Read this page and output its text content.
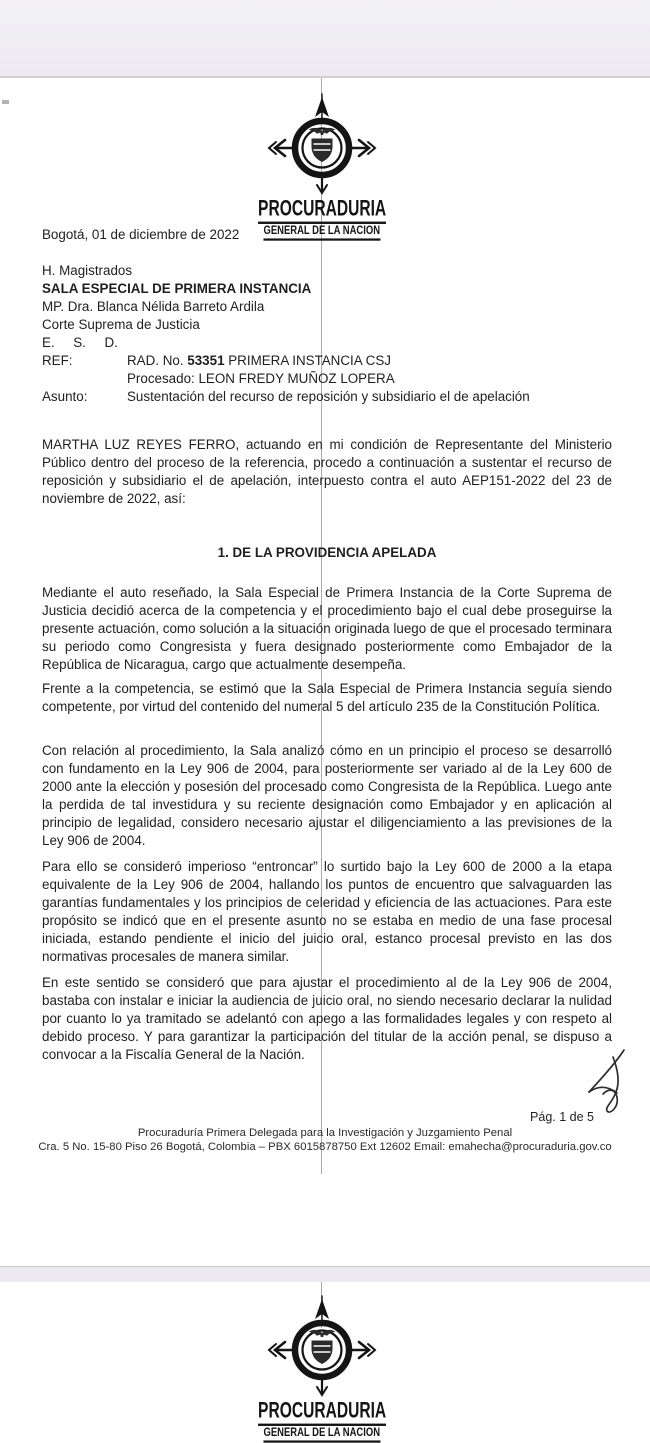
PROCURADURIA
GENERAL DE LA NACION
Bogotá, 01 de diciembre de 2022
H. Magistrados
SALA ESPECIAL DE PRIMERA INSTANCIA
MP. Dra. Blanca Nélida Barreto Ardila
Corte Suprema de Justicia
E.     S.     D.
REF:	RAD. No. 53351 PRIMERA INSTANCIA CSJ
Procesado: LEON FREDY MUÑOZ LOPERA
Asunto:	Sustentación del recurso de reposición y subsidiario el de apelación
MARTHA LUZ REYES FERRO, actuando en mi condición de Representante del Ministerio Público dentro del proceso de la referencia, procedo a continuación a sustentar el recurso de reposición y subsidiario el de apelación, interpuesto contra el auto AEP151-2022 del 23 de noviembre de 2022, así:
1. DE LA PROVIDENCIA APELADA
Mediante el auto reseñado, la Sala Especial de Primera Instancia de la Corte Suprema de Justicia decidió acerca de la competencia y el procedimiento bajo el cual debe proseguirse la presente actuación, como solución a la situación originada luego de que el procesado terminara su periodo como Congresista y fuera designado posteriormente como Embajador de la República de Nicaragua, cargo que actualmente desempeña.
Frente a la competencia, se estimó que la Sala Especial de Primera Instancia seguía siendo competente, por virtud del contenido del numeral 5 del artículo 235 de la Constitución Política.
Con relación al procedimiento, la Sala analizó cómo en un principio el proceso se desarrolló con fundamento en la Ley 906 de 2004, para posteriormente ser variado al de la Ley 600 de 2000 ante la elección y posesión del procesado como Congresista de la República. Luego ante la perdida de tal investidura y su reciente designación como Embajador y en aplicación al principio de legalidad, considero necesario ajustar el diligenciamiento a las previsiones de la Ley 906 de 2004.
Para ello se consideró imperioso “entroncar” lo surtido bajo la Ley 600 de 2000 a la etapa equivalente de la Ley 906 de 2004, hallando los puntos de encuentro que salvaguarden las garantías fundamentales y los principios de celeridad y eficiencia de las actuaciones. Para este propósito se indicó que en el presente asunto no se estaba en medio de una fase procesal iniciada, estando pendiente el inicio del juicio oral, estanco procesal previsto en las dos normativas procesales de manera similar.
En este sentido se consideró que para ajustar el procedimiento al de la Ley 906 de 2004, bastaba con instalar e iniciar la audiencia de juicio oral, no siendo necesario declarar la nulidad por cuanto lo ya tramitado se adelantó con apego a las formalidades legales y con respeto al debido proceso. Y para garantizar la participación del titular de la acción penal, se dispuso a convocar a la Fiscalía General de la Nación.
Pág. 1 de 5
Procuraduría Primera Delegada para la Investigación y Juzgamiento Penal
Cra. 5 No. 15-80 Piso 26 Bogotá, Colombia – PBX 6015878750 Ext 12602 Email: emahecha@procuraduria.gov.co
PROCURADURIA
GENERAL DE LA NACION
